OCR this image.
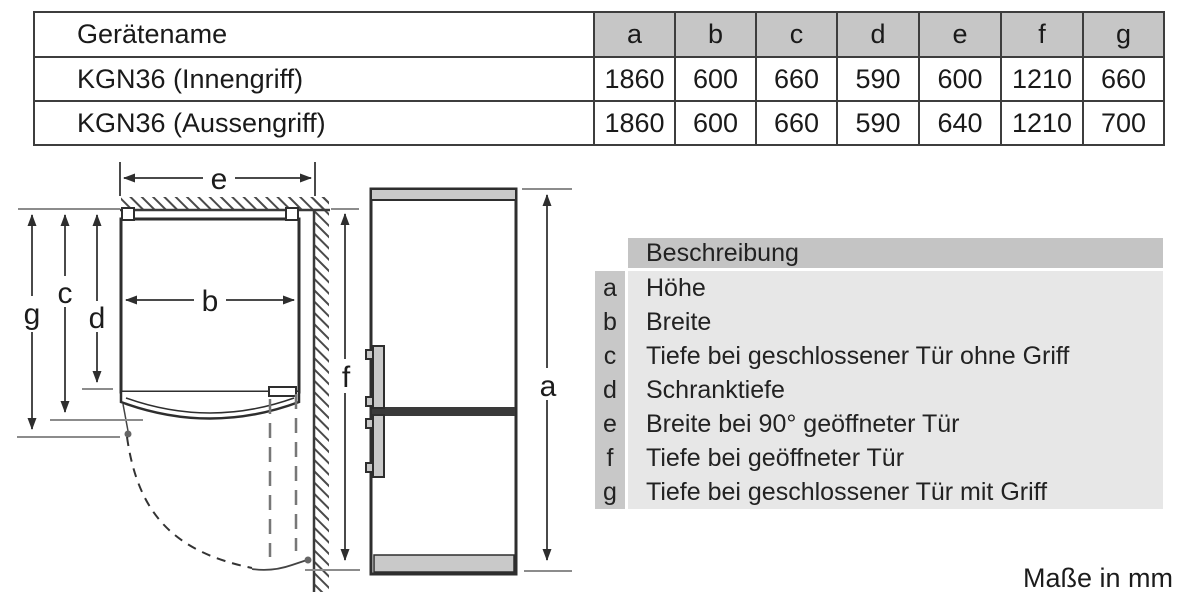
Gerätename	a	b	c	d	e	f	g
KGN36 (Innengriff)	1860	600	660	590	600	1210	660
KGN36 (Aussengriff)	1860	600	660	590	640	1210	700
e
b
g
c
d
f	a
Beschreibung
a	Höhe
b	Breite
c	Tiefe bei geschlossener Tür ohne Griff
d	Schranktiefe
e	Breite bei 90° geöffneter Tür
f	Tiefe bei geöffneter Tür
g	Tiefe bei geschlossener Tür mit Griff
Maße in mm
